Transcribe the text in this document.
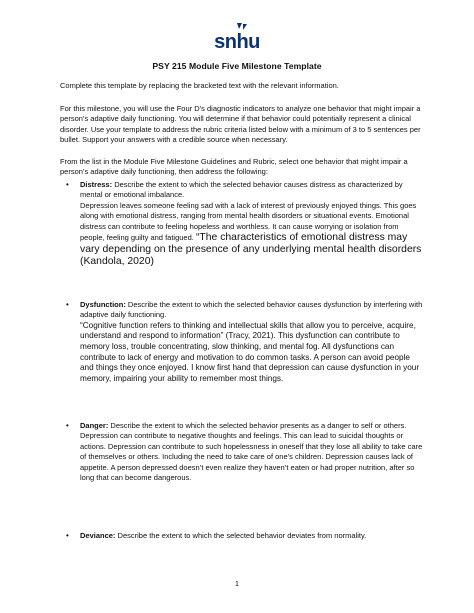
snhu
PSY 215 Module Five Milestone Template
Complete this template by replacing the bracketed text with the relevant information.
For this milestone, you will use the Four D’s diagnostic indicators to analyze one behavior that might impair a person’s adaptive daily functioning. You will determine if that behavior could potentially represent a clinical disorder. Use your template to address the rubric criteria listed below with a minimum of 3 to 5 sentences per bullet. Support your answers with a credible source when necessary.
From the list in the Module Five Milestone Guidelines and Rubric, select one behavior that might impair a person’s adaptive daily functioning, then address the following:
• Distress: Describe the extent to which the selected behavior causes distress as characterized by mental or emotional imbalance.
Depression leaves someone feeling sad with a lack of interest of previously enjoyed things. This goes along with emotional distress, ranging from mental health disorders or situational events. Emotional distress can contribute to feeling hopeless and worthless. It can cause worrying or isolation from people, feeling guilty and fatigued. “The characteristics of emotional distress may vary depending on the presence of any underlying mental health disorders (Kandola, 2020)
• Dysfunction: Describe the extent to which the selected behavior causes dysfunction by interfering with adaptive daily functioning.
“Cognitive function refers to thinking and intellectual skills that allow you to perceive, acquire, understand and respond to information” (Tracy, 2021). This dysfunction can contribute to memory loss, trouble concentrating, slow thinking, and mental fog. All dysfunctions can contribute to lack of energy and motivation to do common tasks. A person can avoid people and things they once enjoyed. I know first hand that depression can cause dysfunction in your memory, impairing your ability to remember most things.
• Danger: Describe the extent to which the selected behavior presents as a danger to self or others.
Depression can contribute to negative thoughts and feelings. This can lead to suicidal thoughts or actions. Depression can contribute to such hopelessness in oneself that they lose all ability to take care of themselves or others. Including the need to take care of one’s children. Depression causes lack of appetite. A person depressed doesn’t even realize they haven’t eaten or had proper nutrition, after so long that can become dangerous.
• Deviance: Describe the extent to which the selected behavior deviates from normality.
1
